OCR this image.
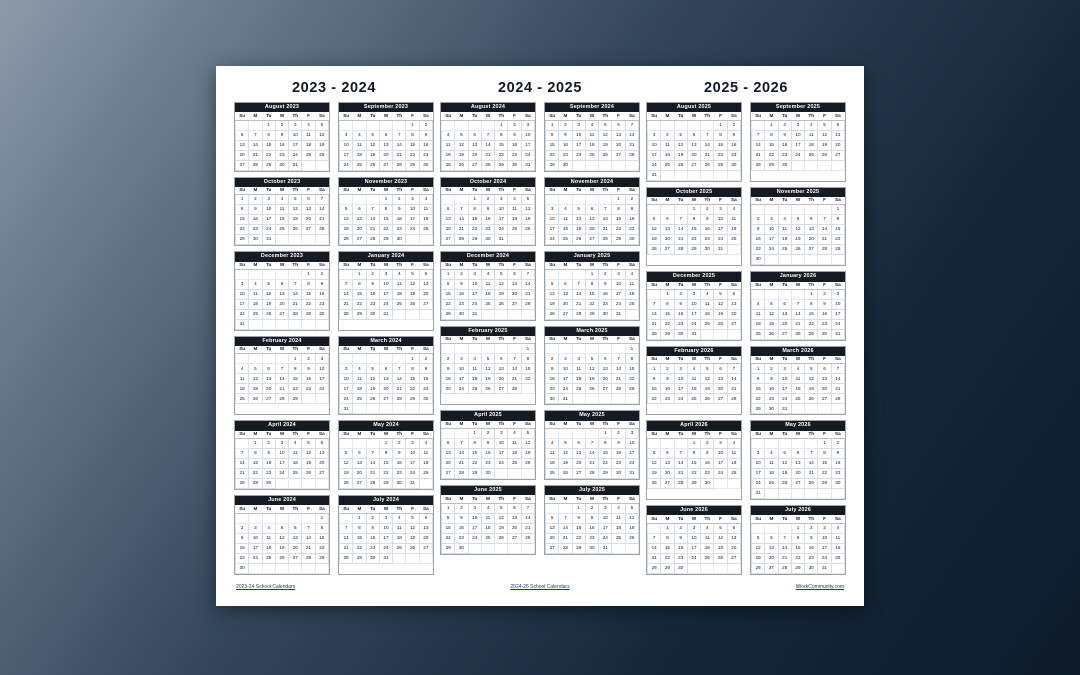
2023 - 2024	2024 - 2025	2025 - 2026
August 2023
Su	M	Tu	W	Th	F	Sa
		1	2	3	4	5
6	7	8	9	10	11	12
13	14	15	16	17	18	19
20	21	22	23	24	25	26
27	28	29	30	31		
September 2023
Su	M	Tu	W	Th	F	Sa
					1	2
3	4	5	6	7	8	9
10	11	12	13	14	15	16
17	18	19	20	21	22	23
24	25	26	27	28	29	30
October 2023
Su	M	Tu	W	Th	F	Sa
1	2	3	4	5	6	7
8	9	10	11	12	13	14
15	16	17	18	19	20	21
22	23	24	25	26	27	28
29	30	31				
November 2023
Su	M	Tu	W	Th	F	Sa
			1	2	3	4
5	6	7	8	9	10	11
12	13	14	15	16	17	18
19	20	21	22	23	24	25
26	27	28	29	30		
December 2023
Su	M	Tu	W	Th	F	Sa
					1	2
3	4	5	6	7	8	9
10	11	12	13	14	15	16
17	18	19	20	21	22	23
24	25	26	27	28	29	30
31						
January 2024
Su	M	Tu	W	Th	F	Sa
	1	2	3	4	5	6
7	8	9	10	11	12	13
14	15	16	17	18	19	20
21	22	23	24	25	26	27
28	29	30	31			
February 2024
Su	M	Tu	W	Th	F	Sa
				1	2	3
4	5	6	7	8	9	10
11	12	13	14	15	16	17
18	19	20	21	22	23	24
25	26	27	28	29		
March 2024
Su	M	Tu	W	Th	F	Sa
					1	2
3	4	5	6	7	8	9
10	11	12	13	14	15	16
17	18	19	20	21	22	23
24	25	26	27	28	29	30
31						
April 2024
Su	M	Tu	W	Th	F	Sa
	1	2	3	4	5	6
7	8	9	10	11	12	13
14	15	16	17	18	19	20
21	22	23	24	25	26	27
28	29	30				
May 2024
Su	M	Tu	W	Th	F	Sa
			1	2	3	4
5	6	7	8	9	10	11
12	13	14	15	16	17	18
19	20	21	22	23	24	25
26	27	28	29	30	31	
June 2024
Su	M	Tu	W	Th	F	Sa
						1
2	3	4	5	6	7	8
9	10	11	12	13	14	15
16	17	18	19	20	21	22
23	24	25	26	27	28	29
30						
July 2024
Su	M	Tu	W	Th	F	Sa
	1	2	3	4	5	6
7	8	9	10	11	12	13
14	15	16	17	18	19	20
21	22	23	24	25	26	27
28	29	30	31			
August 2024
Su	M	Tu	W	Th	F	Sa
				1	2	3
4	5	6	7	8	9	10
11	12	13	14	15	16	17
18	19	20	21	22	23	24
25	26	27	28	29	30	31
September 2024
Su	M	Tu	W	Th	F	Sa
1	2	3	4	5	6	7
8	9	10	11	12	13	14
15	16	17	18	19	20	21
22	23	24	25	26	27	28
29	30					
October 2024
Su	M	Tu	W	Th	F	Sa
		1	2	3	4	5
6	7	8	9	10	11	12
13	14	15	16	17	18	19
20	21	22	23	24	25	26
27	28	29	30	31		
November 2024
Su	M	Tu	W	Th	F	Sa
					1	2
3	4	5	6	7	8	9
10	11	12	13	14	15	16
17	18	19	20	21	22	23
24	25	26	27	28	29	30
December 2024
Su	M	Tu	W	Th	F	Sa
1	2	3	4	5	6	7
8	9	10	11	12	13	14
15	16	17	18	19	20	21
22	23	24	25	26	27	28
29	30	31				
January 2025
Su	M	Tu	W	Th	F	Sa
			1	2	3	4
5	6	7	8	9	10	11
12	13	14	15	16	17	18
19	20	21	22	23	24	25
26	27	28	29	30	31	
February 2025
Su	M	Tu	W	Th	F	Sa
						1
2	3	4	5	6	7	8
9	10	11	12	13	14	15
16	17	18	19	20	21	22
23	24	25	26	27	28	
March 2025
Su	M	Tu	W	Th	F	Sa
						1
2	3	4	5	6	7	8
9	10	11	12	13	14	15
16	17	18	19	20	21	22
23	24	25	26	27	28	29
30	31					
April 2025
Su	M	Tu	W	Th	F	Sa
		1	2	3	4	5
6	7	8	9	10	11	12
13	14	15	16	17	18	19
20	21	22	23	24	25	26
27	28	29	30			
May 2025
Su	M	Tu	W	Th	F	Sa
				1	2	3
4	5	6	7	8	9	10
11	12	13	14	15	16	17
18	19	20	21	22	23	24
25	26	27	28	29	30	31
June 2025
Su	M	Tu	W	Th	F	Sa
1	2	3	4	5	6	7
8	9	10	11	12	13	14
15	16	17	18	19	20	21
22	23	24	25	26	27	28
29	30					
July 2025
Su	M	Tu	W	Th	F	Sa
		1	2	3	4	5
6	7	8	9	10	11	12
13	14	15	16	17	18	19
20	21	22	23	24	25	26
27	28	29	30	31		
August 2025
Su	M	Tu	W	Th	F	Sa
					1	2
3	4	5	6	7	8	9
10	11	12	13	14	15	16
17	18	19	20	21	22	23
24	25	26	27	28	29	30
31						
September 2025
Su	M	Tu	W	Th	F	Sa
	1	2	3	4	5	6
7	8	9	10	11	12	13
14	15	16	17	18	19	20
21	22	23	24	25	26	27
28	29	30				
October 2025
Su	M	Tu	W	Th	F	Sa
			1	2	3	4
5	6	7	8	9	10	11
12	13	14	15	16	17	18
19	20	21	22	23	24	25
26	27	28	29	30	31	
November 2025
Su	M	Tu	W	Th	F	Sa
						1
2	3	4	5	6	7	8
9	10	11	12	13	14	15
16	17	18	19	20	21	22
23	24	25	26	27	28	29
30						
December 2025
Su	M	Tu	W	Th	F	Sa
	1	2	3	4	5	6
7	8	9	10	11	12	13
14	15	16	17	18	19	20
21	22	23	24	25	26	27
28	29	30	31			
January 2026
Su	M	Tu	W	Th	F	Sa
				1	2	3
4	5	6	7	8	9	10
11	12	13	14	15	16	17
18	19	20	21	22	23	24
25	26	27	28	29	30	31
February 2026
Su	M	Tu	W	Th	F	Sa
1	2	3	4	5	6	7
8	9	10	11	12	13	14
15	16	17	18	19	20	21
22	23	24	25	26	27	28
March 2026
Su	M	Tu	W	Th	F	Sa
1	2	3	4	5	6	7
8	9	10	11	12	13	14
15	16	17	18	19	20	21
22	23	24	25	26	27	28
29	30	31				
April 2026
Su	M	Tu	W	Th	F	Sa
			1	2	3	4
5	6	7	8	9	10	11
12	13	14	15	16	17	18
19	20	21	22	23	24	25
26	27	28	29	30		
May 2026
Su	M	Tu	W	Th	F	Sa
					1	2
3	4	5	6	7	8	9
10	11	12	13	14	15	16
17	18	19	20	21	22	23
24	25	26	27	28	29	30
31						
June 2026
Su	M	Tu	W	Th	F	Sa
	1	2	3	4	5	6
7	8	9	10	11	12	13
14	15	16	17	18	19	20
21	22	23	24	25	26	27
28	29	30				
July 2026
Su	M	Tu	W	Th	F	Sa
			1	2	3	4
5	6	7	8	9	10	11
12	13	14	15	16	17	18
19	20	21	22	23	24	25
26	27	28	29	30	31	
2023-24 School Calendars	2024-25 School Calendars	iWorkCommunity.com
